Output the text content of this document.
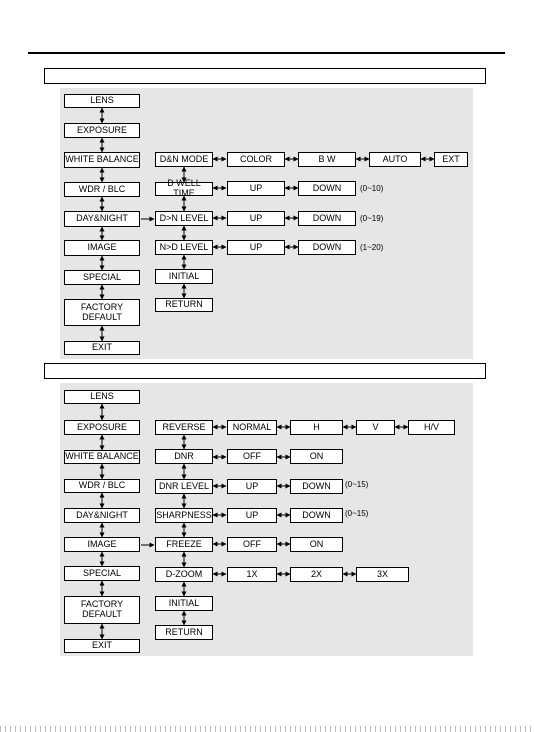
LENS
EXPOSURE
WHITE BALANCE
WDR / BLC
DAY&NIGHT
IMAGE
SPECIAL
FACTORY
DEFAULT
EXIT
D&N MODE
D WELL TIME
D>N LEVEL
N>D LEVEL
INITIAL
RETURN
COLOR	B W	AUTO	EXT
UP	DOWN	(0~10)
UP	DOWN	(0~19)
UP	DOWN	(1~20)
LENS
EXPOSURE
WHITE BALANCE
WDR / BLC
DAY&NIGHT
IMAGE
SPECIAL
FACTORY
DEFAULT
EXIT
REVERSE
DNR
DNR LEVEL
SHARPNESS
FREEZE
D-ZOOM
INITIAL
RETURN
NORMAL	H	V	H/V
OFF	ON
UP	DOWN	(0~15)
UP	DOWN	(0~15)
OFF	ON
1X	2X	3X
